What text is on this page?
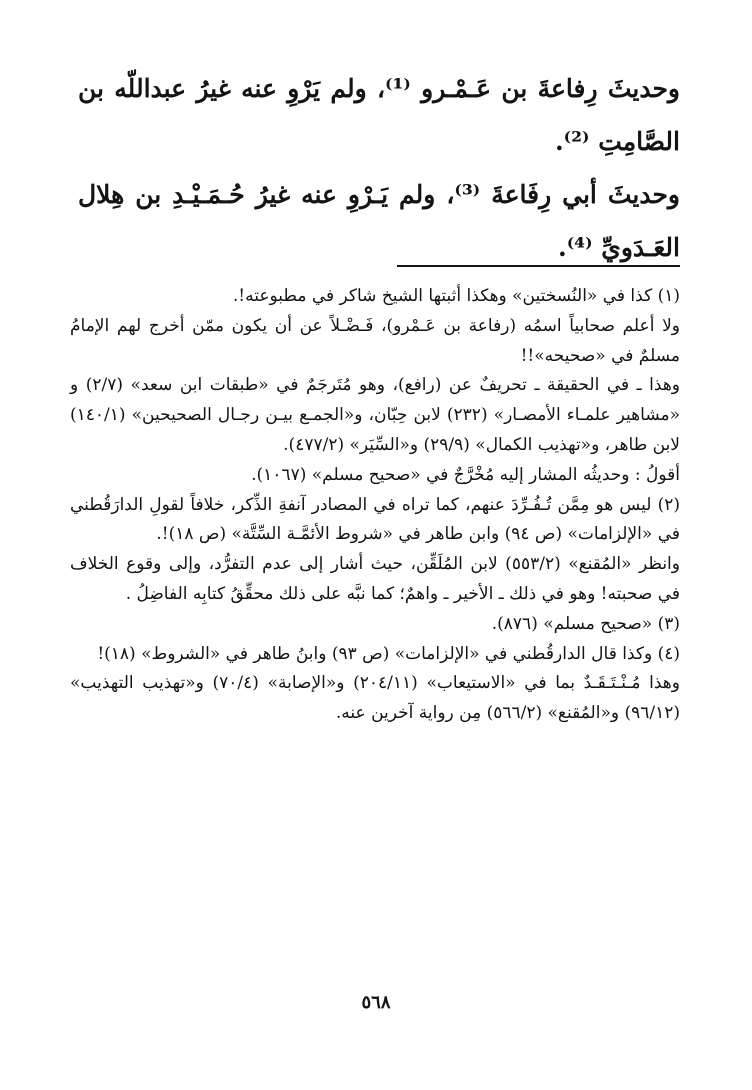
وحديثَ رِفاعةَ بن عَـمْـرو ⁽¹⁾، ولم يَرْوِ عنه غيرُ عبداللّه بن الصَّامِتِ ⁽²⁾.

وحديثَ أبي رِفَاعةَ ⁽³⁾، ولم يَـرْوِ عنه غيرُ حُـمَـيْـدِ بن هِلال العَـدَويِّ ⁽⁴⁾.

(١) كذا في «النُسختين» وهكذا أثبتها الشيخ شاكر في مطبوعته!.

ولا أعلم صحابياً اسمُه (رفاعة بن عَـمْرو)، فَـضْـلاً عن أن يكون ممّن أخرج لهم الإمامُ مسلمٌ في «صحيحه»!!

وهذا ـ في الحقيقة ـ تحريفٌ عن (رافع)، وهو مُتَرجَمٌ في «طبقات ابن سعد» (٢/٧) و «مشاهير علمـاء الأمصـار» (٢٣٢) لابن حِبّان، و«الجمـع بيـن رجـال الصحيحين» (١٤٠/١) لابن طاهر، و«تهذيب الكمال» (٢٩/٩) و«السِّيَر» (٤٧٧/٢).

أقولُ : وحديثُه المشار إليه مُخْرَّجٌ في «صحيح مسلم» (١٠٦٧).

(٢) ليس هو مِمَّن تُـفُـرِّدَ عنهم، كما تراه في المصادر آنفةِ الذِّكر، خلافاً لقولِ الدارَقُطني في «الإلزامات» (ص ٩٤) وابن طاهر في «شروط الأئمَّـة السِّتَّة» (ص ١٨)!.

وانظر «المُقنع» (٥٥٣/٢) لابن المُلَقِّن، حيث أشار إلى عدم التفرُّد، وإلى وقوع الخلاف في صحبته! وهو في ذلك ـ الأخير ـ واهمٌ؛ كما نبَّه على ذلك محقِّقُ كتابِه الفاضِلُ .

(٣) «صحيح مسلم» (٨٧٦).

(٤) وكذا قال الدارقُطني في «الإلزامات» (ص ٩٣) وابنُ طاهر في «الشروط» (١٨)!

وهذا مُـنْـتَـقَـدٌ بما في «الاستيعاب» (٢٠٤/١١) و«الإصابة» (٧٠/٤) و«تهذيب التهذيب» (٩٦/١٢) و«المُقنع» (٥٦٦/٢) مِن رواية آخرين عنه.

٥٦٨
